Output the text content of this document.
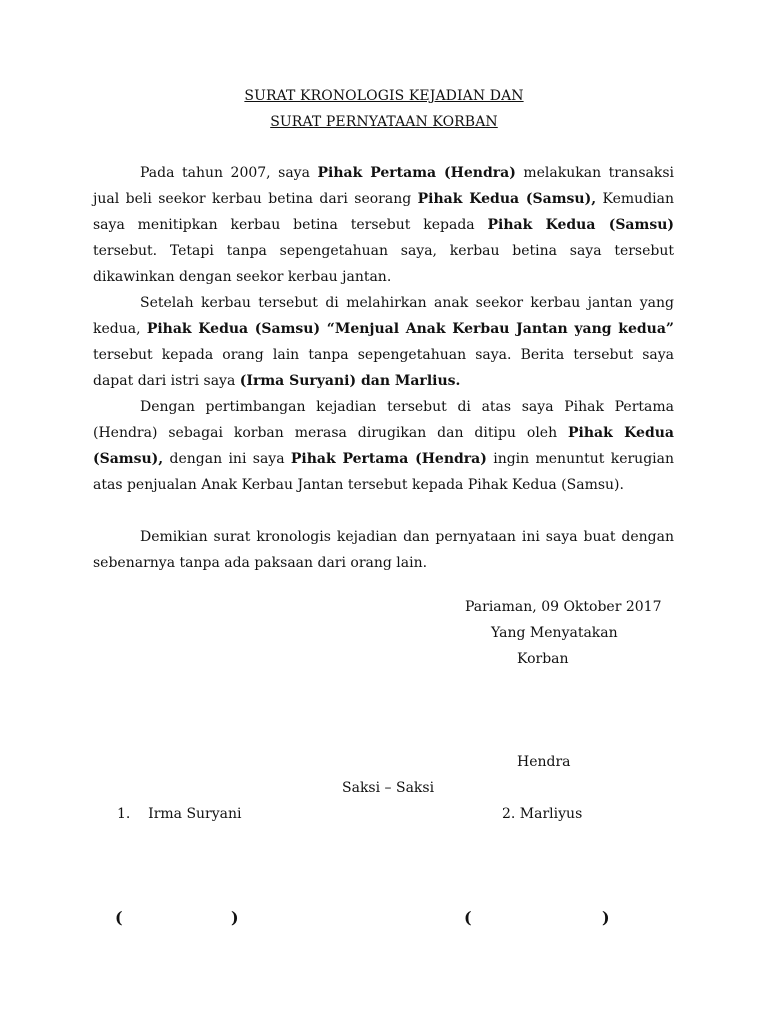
SURAT KRONOLOGIS KEJADIAN DAN
SURAT PERNYATAAN KORBAN

Pada tahun 2007, saya Pihak Pertama (Hendra) melakukan transaksi jual beli seekor kerbau betina dari seorang Pihak Kedua (Samsu), Kemudian saya menitipkan kerbau betina tersebut kepada Pihak Kedua (Samsu) tersebut. Tetapi tanpa sepengetahuan saya, kerbau betina saya tersebut dikawinkan dengan seekor kerbau jantan.

Setelah kerbau tersebut di melahirkan anak seekor kerbau jantan yang kedua, Pihak Kedua (Samsu) “Menjual Anak Kerbau Jantan yang kedua” tersebut kepada orang lain tanpa sepengetahuan saya. Berita tersebut saya dapat dari istri saya (Irma Suryani) dan Marlius.

Dengan pertimbangan kejadian tersebut di atas saya Pihak Pertama (Hendra) sebagai korban merasa dirugikan dan ditipu oleh Pihak Kedua (Samsu), dengan ini saya Pihak Pertama (Hendra) ingin menuntut kerugian atas penjualan Anak Kerbau Jantan tersebut kepada Pihak Kedua (Samsu).

Demikian surat kronologis kejadian dan pernyataan ini saya buat dengan sebenarnya tanpa ada paksaan dari orang lain.

Pariaman, 09 Oktober 2017
Yang Menyatakan
Korban
Hendra
Saksi – Saksi
1.    Irma Suryani	2. Marliyus
(	)	(	)
